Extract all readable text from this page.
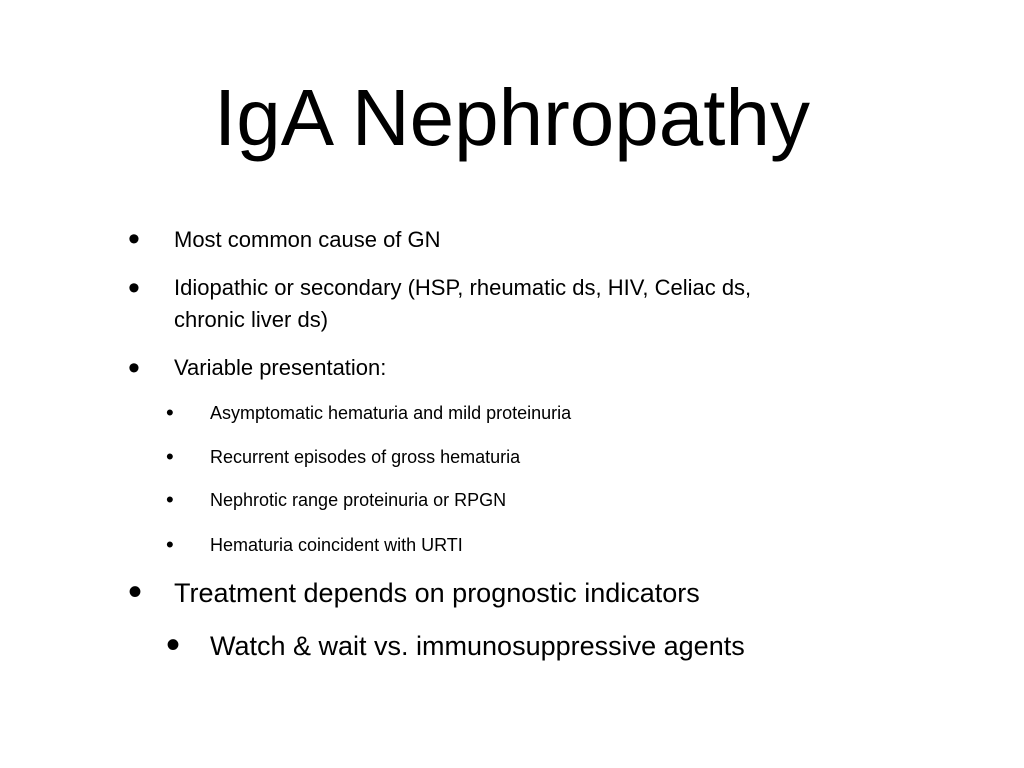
IgA Nephropathy
• Most common cause of GN
• Idiopathic or secondary (HSP, rheumatic ds, HIV, Celiac ds,
chronic liver ds)
• Variable presentation:
• Asymptomatic hematuria and mild proteinuria
• Recurrent episodes of gross hematuria
• Nephrotic range proteinuria or RPGN
• Hematuria coincident with URTI
• Treatment depends on prognostic indicators
• Watch & wait vs. immunosuppressive agents
